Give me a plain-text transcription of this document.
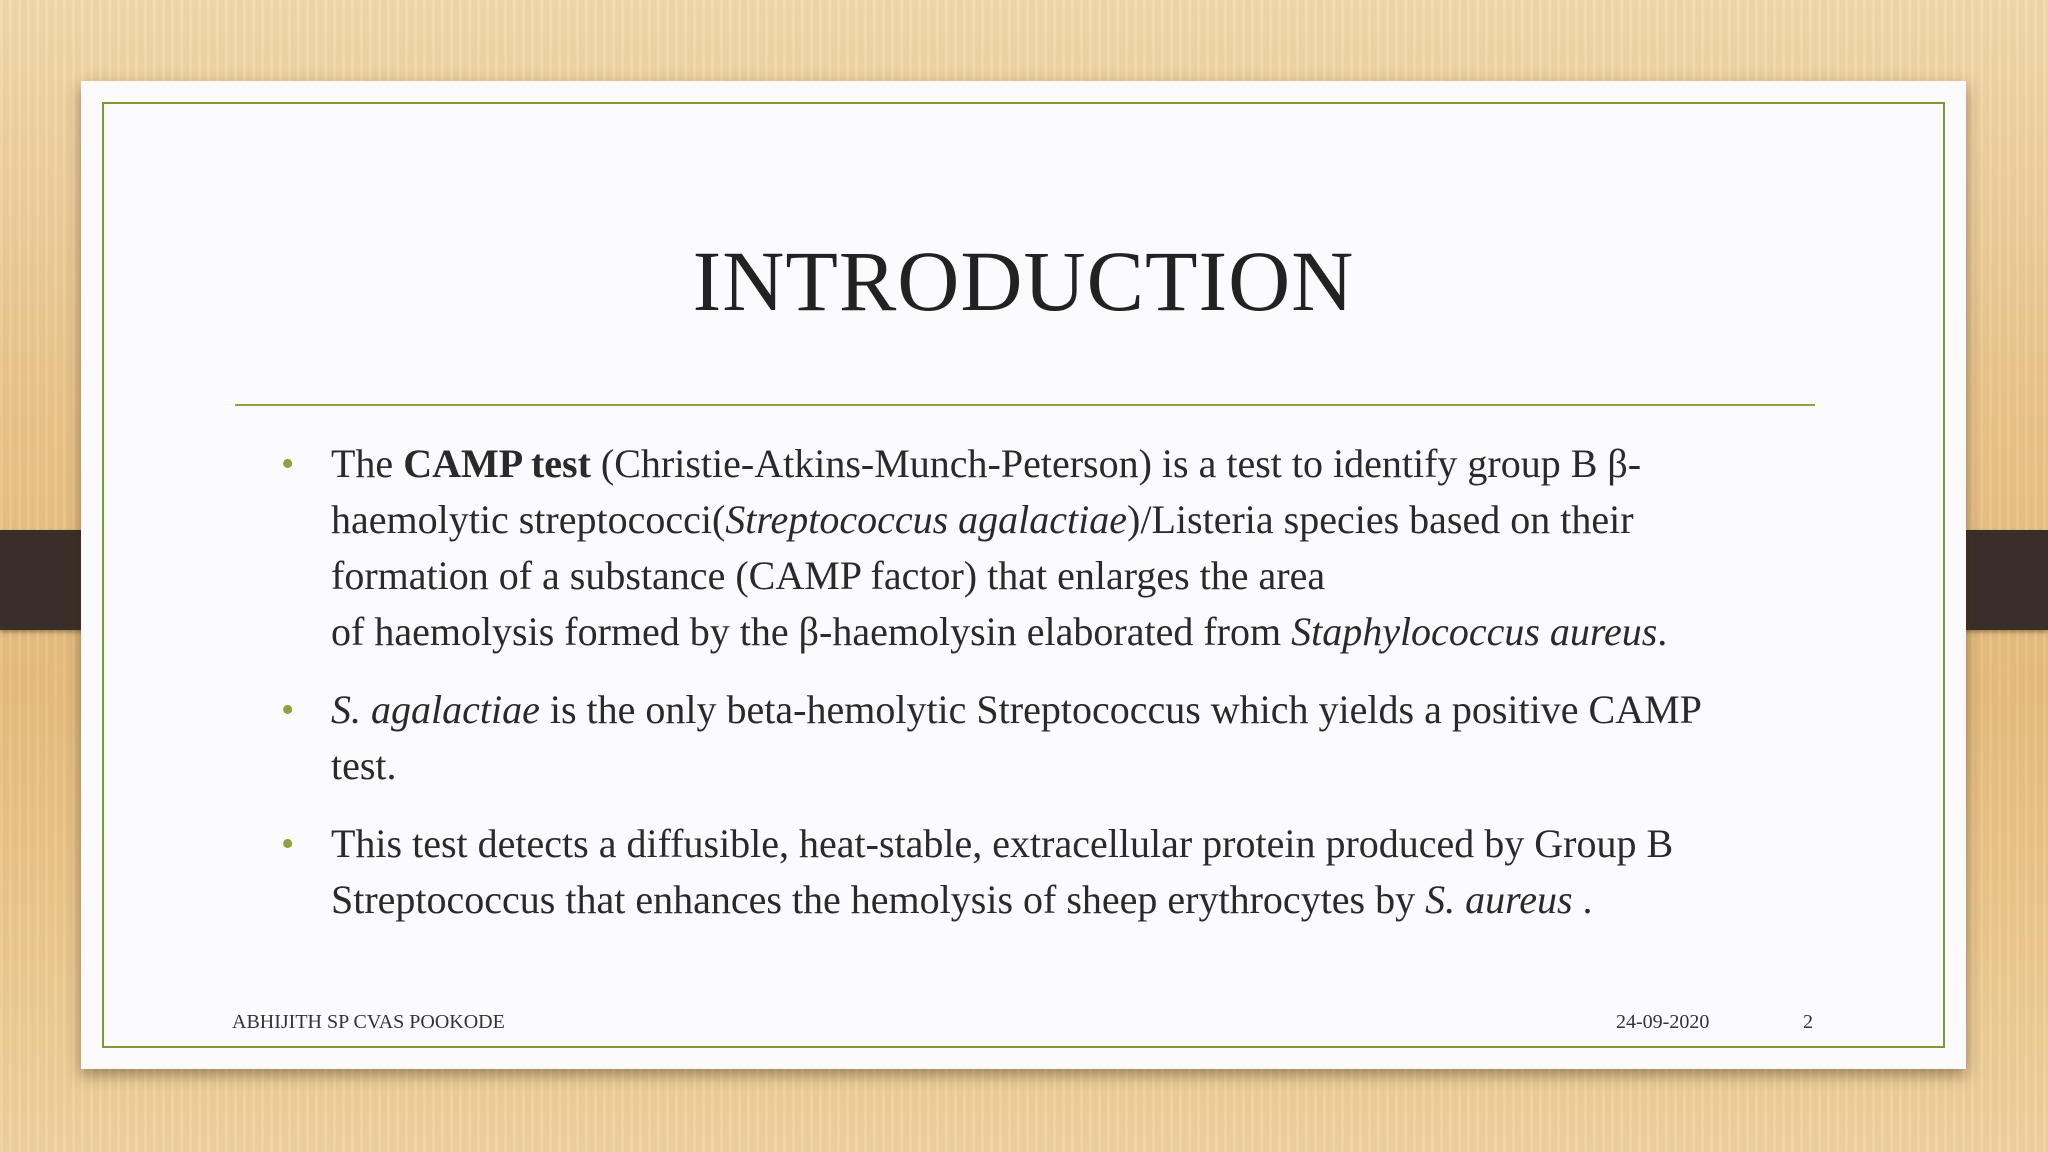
INTRODUCTION
• The CAMP test (Christie-Atkins-Munch-Peterson) is a test to identify group B β-
haemolytic streptococci(Streptococcus agalactiae)/Listeria species based on their
formation of a substance (CAMP factor) that enlarges the area
of haemolysis formed by the β-haemolysin elaborated from Staphylococcus aureus.
• S. agalactiae is the only beta-hemolytic Streptococcus which yields a positive CAMP
test.
• This test detects a diffusible, heat-stable, extracellular protein produced by Group B
Streptococcus that enhances the hemolysis of sheep erythrocytes by S. aureus .
ABHIJITH SP CVAS POOKODE	24-09-2020	2
